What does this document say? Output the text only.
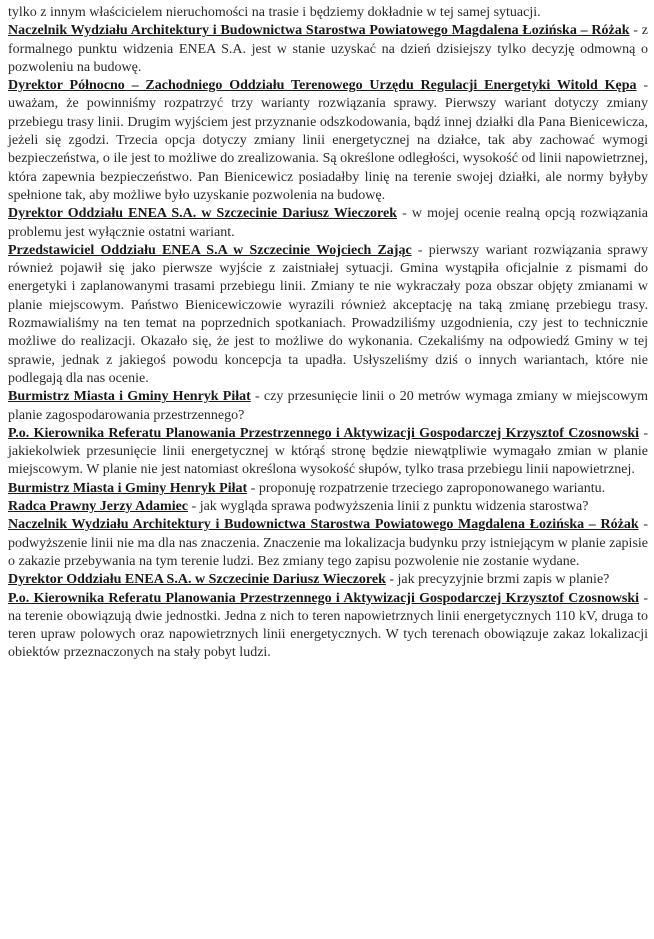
tylko z innym właścicielem nieruchomości na trasie i będziemy dokładnie w tej samej sytuacji.

Naczelnik Wydziału Architektury i Budownictwa Starostwa Powiatowego Magdalena Łozińska – Różak - z formalnego punktu widzenia ENEA S.A. jest w stanie uzyskać na dzień dzisiejszy tylko decyzję odmowną o pozwoleniu na budowę.

Dyrektor Północno – Zachodniego Oddziału Terenowego Urzędu Regulacji Energetyki Witold Kępa - uważam, że powinniśmy rozpatrzyć trzy warianty rozwiązania sprawy. Pierwszy wariant dotyczy zmiany przebiegu trasy linii. Drugim wyjściem jest przyznanie odszkodowania, bądź innej działki dla Pana Bienicewicza, jeżeli się zgodzi. Trzecia opcja dotyczy zmiany linii energetycznej na działce, tak aby zachować wymogi bezpieczeństwa, o ile jest to możliwe do zrealizowania. Są określone odległości, wysokość od linii napowietrznej, która zapewnia bezpieczeństwo. Pan Bienicewicz posiadałby linię na terenie swojej działki, ale normy byłyby spełnione tak, aby możliwe było uzyskanie pozwolenia na budowę.

Dyrektor Oddziału ENEA S.A. w Szczecinie Dariusz Wieczorek - w mojej ocenie realną opcją rozwiązania problemu jest wyłącznie ostatni wariant.

Przedstawiciel Oddziału ENEA S.A w Szczecinie Wojciech Zając - pierwszy wariant rozwiązania sprawy również pojawił się jako pierwsze wyjście z zaistniałej sytuacji. Gmina wystąpiła oficjalnie z pismami do energetyki i zaplanowanymi trasami przebiegu linii. Zmiany te nie wykraczały poza obszar objęty zmianami w planie miejscowym. Państwo Bienicewiczowie wyrazili również akceptację na taką zmianę przebiegu trasy. Rozmawialiśmy na ten temat na poprzednich spotkaniach. Prowadziliśmy uzgodnienia, czy jest to technicznie możliwe do realizacji. Okazało się, że jest to możliwe do wykonania. Czekaliśmy na odpowiedź Gminy w tej sprawie, jednak z jakiegoś powodu koncepcja ta upadła. Usłyszeliśmy dziś o innych wariantach, które nie podlegają dla nas ocenie.

Burmistrz Miasta i Gminy Henryk Piłat - czy przesunięcie linii o 20 metrów wymaga zmiany w miejscowym planie zagospodarowania przestrzennego?

P.o. Kierownika Referatu Planowania Przestrzennego i Aktywizacji Gospodarczej Krzysztof Czosnowski - jakiekolwiek przesunięcie linii energetycznej w którąś stronę będzie niewątpliwie wymagało zmian w planie miejscowym. W planie nie jest natomiast określona wysokość słupów, tylko trasa przebiegu linii napowietrznej.

Burmistrz Miasta i Gminy Henryk Piłat - proponuję rozpatrzenie trzeciego zaproponowanego wariantu.

Radca Prawny Jerzy Adamiec - jak wygląda sprawa podwyższenia linii z punktu widzenia starostwa?

Naczelnik Wydziału Architektury i Budownictwa Starostwa Powiatowego Magdalena Łozińska – Różak - podwyższenie linii nie ma dla nas znaczenia. Znaczenie ma lokalizacja budynku przy istniejącym w planie zapisie o zakazie przebywania na tym terenie ludzi. Bez zmiany tego zapisu pozwolenie nie zostanie wydane.

Dyrektor Oddziału ENEA S.A. w Szczecinie Dariusz Wieczorek - jak precyzyjnie brzmi zapis w planie?

P.o. Kierownika Referatu Planowania Przestrzennego i Aktywizacji Gospodarczej Krzysztof Czosnowski - na terenie obowiązują dwie jednostki. Jedna z nich to teren napowietrznych linii energetycznych 110 kV, druga to teren upraw polowych oraz napowietrznych linii energetycznych. W tych terenach obowiązuje zakaz lokalizacji obiektów przeznaczonych na stały pobyt ludzi.
